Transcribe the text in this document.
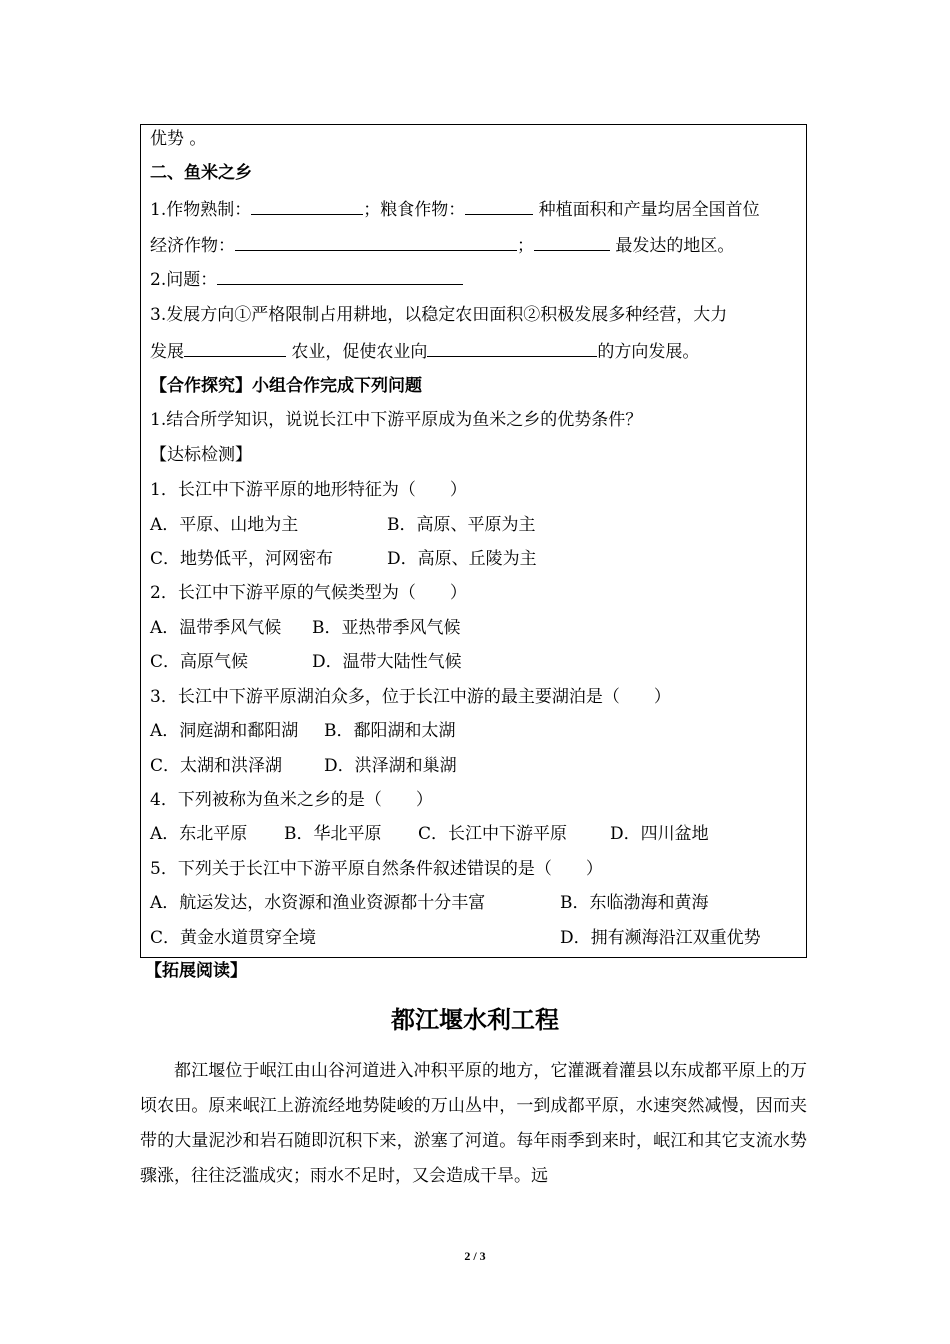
优势 。
二、鱼米之乡
1.作物熟制：	；粮食作物：	种植面积和产量均居全国首位
经济作物：	；	最发达的地区。
2.问题：
3.发展方向①严格限制占用耕地，以稳定农田面积②积极发展多种经营，大力
发展	农业，促使农业向	的方向发展。
【合作探究】小组合作完成下列问题
1.结合所学知识，说说长江中下游平原成为鱼米之乡的优势条件？
【达标检测】
1．长江中下游平原的地形特征为（　　）
A．平原、山地为主	B．高原、平原为主
C．地势低平，河网密布	D．高原、丘陵为主
2．长江中下游平原的气候类型为（　　）
A．温带季风气候 B．亚热带季风气候
C．高原气候	D．温带大陆性气候
3．长江中下游平原湖泊众多，位于长江中游的最主要湖泊是（　　）
A．洞庭湖和鄱阳湖 B．鄱阳湖和太湖
C．太湖和洪泽湖 D．洪泽湖和巢湖
4．下列被称为鱼米之乡的是（　　）
A．东北平原 B．华北平原 C．长江中下游平原	D．四川盆地
5．下列关于长江中下游平原自然条件叙述错误的是（　　）
A．航运发达，水资源和渔业资源都十分丰富	B．东临渤海和黄海
C．黄金水道贯穿全境	D．拥有濒海沿江双重优势
【拓展阅读】
都江堰水利工程
都江堰位于岷江由山谷河道进入冲积平原的地方，它灌溉着灌县以东成都平原上的万顷农田。原来岷江上游流经地势陡峻的万山丛中，一到成都平原，水速突然减慢，因而夹带的大量泥沙和岩石随即沉积下来，淤塞了河道。每年雨季到来时，岷江和其它支流水势骤涨，往往泛滥成灾；雨水不足时，又会造成干旱。远
2 / 3
